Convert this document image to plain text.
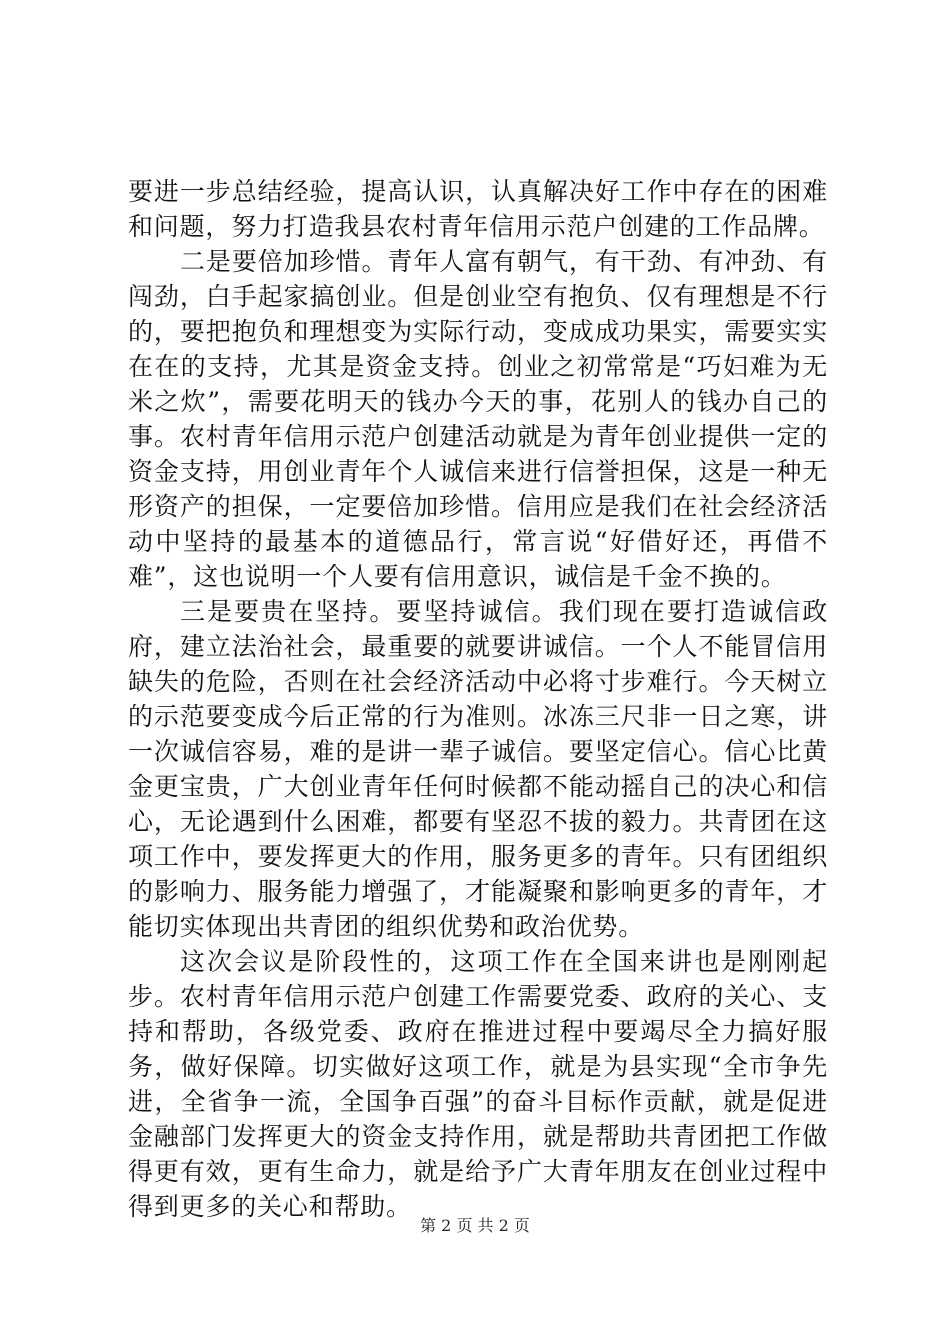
要进一步总结经验，提高认识，认真解决好工作中存在的困难和问题，努力打造我县农村青年信用示范户创建的工作品牌。

二是要倍加珍惜。青年人富有朝气，有干劲、有冲劲、有闯劲，白手起家搞创业。但是创业空有抱负、仅有理想是不行的，要把抱负和理想变为实际行动，变成成功果实，需要实实在在的支持，尤其是资金支持。创业之初常常是“巧妇难为无米之炊”，需要花明天的钱办今天的事，花别人的钱办自己的事。农村青年信用示范户创建活动就是为青年创业提供一定的资金支持，用创业青年个人诚信来进行信誉担保，这是一种无形资产的担保，一定要倍加珍惜。信用应是我们在社会经济活动中坚持的最基本的道德品行，常言说“好借好还，再借不难”，这也说明一个人要有信用意识，诚信是千金不换的。

三是要贵在坚持。要坚持诚信。我们现在要打造诚信政府，建立法治社会，最重要的就要讲诚信。一个人不能冒信用缺失的危险，否则在社会经济活动中必将寸步难行。今天树立的示范要变成今后正常的行为准则。冰冻三尺非一日之寒，讲一次诚信容易，难的是讲一辈子诚信。要坚定信心。信心比黄金更宝贵，广大创业青年任何时候都不能动摇自己的决心和信心，无论遇到什么困难，都要有坚忍不拔的毅力。共青团在这项工作中，要发挥更大的作用，服务更多的青年。只有团组织的影响力、服务能力增强了，才能凝聚和影响更多的青年，才能切实体现出共青团的组织优势和政治优势。

这次会议是阶段性的，这项工作在全国来讲也是刚刚起步。农村青年信用示范户创建工作需要党委、政府的关心、支持和帮助，各级党委、政府在推进过程中要竭尽全力搞好服务，做好保障。切实做好这项工作，就是为县实现“全市争先进，全省争一流，全国争百强”的奋斗目标作贡献，就是促进金融部门发挥更大的资金支持作用，就是帮助共青团把工作做得更有效，更有生命力，就是给予广大青年朋友在创业过程中得到更多的关心和帮助。

第 2 页 共 2 页
